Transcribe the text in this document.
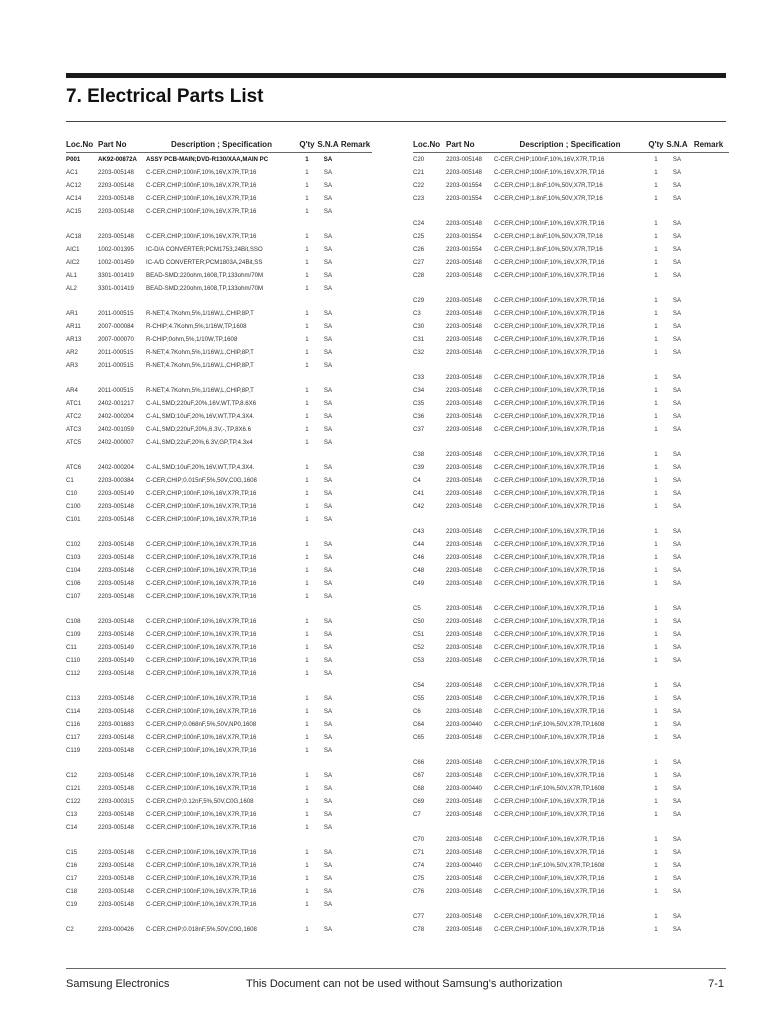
7. Electrical Parts List
Loc.No	Part No	Description ; Specification	Q'ty	S.N.A	Remark
P001	AK92-00872A	ASSY PCB-MAIN;DVD-R130/XAA,MAIN PC	1	SA	
AC1	2203-005148	C-CER,CHIP;100nF,10%,16V,X7R,TP,16	1	SA	
AC12	2203-005148	C-CER,CHIP;100nF,10%,16V,X7R,TP,16	1	SA	
AC14	2203-005148	C-CER,CHIP;100nF,10%,16V,X7R,TP,16	1	SA	
AC15	2203-005148	C-CER,CHIP;100nF,10%,16V,X7R,TP,16	1	SA	

AC18	2203-005148	C-CER,CHIP;100nF,10%,16V,X7R,TP,16	1	SA	
AIC1	1002-001395	IC-D/A CONVERTER;PCM1753,24Bit,SSO	1	SA	
AIC2	1002-001459	IC-A/D CONVERTER;PCM1803A,24Bit,SS	1	SA	
AL1	3301-001419	BEAD-SMD;220ohm,1608,TP,133ohm/70M	1	SA	
AL2	3301-001419	BEAD-SMD;220ohm,1608,TP,133ohm/70M	1	SA	

AR1	2011-000515	R-NET;4.7Kohm,5%,1/16W,L,CHIP,8P,T	1	SA	
AR11	2007-000084	R-CHIP;4.7Kohm,5%,1/16W,TP,1608	1	SA	
AR13	2007-000070	R-CHIP;0ohm,5%,1/10W,TP,1608	1	SA	
AR2	2011-000515	R-NET;4.7Kohm,5%,1/16W,L,CHIP,8P,T	1	SA	
AR3	2011-000515	R-NET;4.7Kohm,5%,1/16W,L,CHIP,8P,T	1	SA	

AR4	2011-000515	R-NET;4.7Kohm,5%,1/16W,L,CHIP,8P,T	1	SA	
ATC1	2402-001217	C-AL,SMD;220uF,20%,16V,WT,TP,8.6X6	1	SA	
ATC2	2402-000204	C-AL,SMD;10uF,20%,16V,WT,TP,4.3X4.	1	SA	
ATC3	2402-001059	C-AL,SMD;220uF,20%,6.3V,-,TP,8X6.6	1	SA	
ATC5	2402-000007	C-AL,SMD;22uF,20%,6.3V,GP,TP,4.3x4	1	SA	

ATC6	2402-000204	C-AL,SMD;10uF,20%,16V,WT,TP,4.3X4.	1	SA	
C1	2203-000384	C-CER,CHIP;0.015nF,5%,50V,C0G,1608	1	SA	
C10	2203-005149	C-CER,CHIP;100nF,10%,16V,X7R,TP,16	1	SA	
C100	2203-005148	C-CER,CHIP;100nF,10%,16V,X7R,TP,16	1	SA	
C101	2203-005148	C-CER,CHIP;100nF,10%,16V,X7R,TP,16	1	SA	

C102	2203-005148	C-CER,CHIP;100nF,10%,16V,X7R,TP,16	1	SA	
C103	2203-005148	C-CER,CHIP;100nF,10%,16V,X7R,TP,16	1	SA	
C104	2203-005148	C-CER,CHIP;100nF,10%,16V,X7R,TP,16	1	SA	
C106	2203-005148	C-CER,CHIP;100nF,10%,16V,X7R,TP,16	1	SA	
C107	2203-005148	C-CER,CHIP;100nF,10%,16V,X7R,TP,16	1	SA	

C108	2203-005148	C-CER,CHIP;100nF,10%,16V,X7R,TP,16	1	SA	
C109	2203-005148	C-CER,CHIP;100nF,10%,16V,X7R,TP,16	1	SA	
C11	2203-005149	C-CER,CHIP;100nF,10%,16V,X7R,TP,16	1	SA	
C110	2203-005149	C-CER,CHIP;100nF,10%,16V,X7R,TP,16	1	SA	
C112	2203-005148	C-CER,CHIP;100nF,10%,16V,X7R,TP,16	1	SA	

C113	2203-005148	C-CER,CHIP;100nF,10%,16V,X7R,TP,16	1	SA	
C114	2203-005148	C-CER,CHIP;100nF,10%,16V,X7R,TP,16	1	SA	
C116	2203-001683	C-CER,CHIP;0.068nF,5%,50V,NP0,1608	1	SA	
C117	2203-005148	C-CER,CHIP;100nF,10%,16V,X7R,TP,16	1	SA	
C119	2203-005148	C-CER,CHIP;100nF,10%,16V,X7R,TP,16	1	SA	

C12	2203-005148	C-CER,CHIP;100nF,10%,16V,X7R,TP,16	1	SA	
C121	2203-005148	C-CER,CHIP;100nF,10%,16V,X7R,TP,16	1	SA	
C122	2203-000315	C-CER,CHIP;0.12nF,5%,50V,C0G,1608	1	SA	
C13	2203-005148	C-CER,CHIP;100nF,10%,16V,X7R,TP,16	1	SA	
C14	2203-005148	C-CER,CHIP;100nF,10%,16V,X7R,TP,16	1	SA	

C15	2203-005148	C-CER,CHIP;100nF,10%,16V,X7R,TP,16	1	SA	
C16	2203-005148	C-CER,CHIP;100nF,10%,16V,X7R,TP,16	1	SA	
C17	2203-005148	C-CER,CHIP;100nF,10%,16V,X7R,TP,16	1	SA	
C18	2203-005148	C-CER,CHIP;100nF,10%,16V,X7R,TP,16	1	SA	
C19	2203-005148	C-CER,CHIP;100nF,10%,16V,X7R,TP,16	1	SA	

C2	2203-000426	C-CER,CHIP;0.018nF,5%,50V,C0G,1608	1	SA	
Loc.No	Part No	Description ; Specification	Q'ty	S.N.A	Remark
C20	2203-005148	C-CER,CHIP;100nF,10%,16V,X7R,TP,16	1	SA	
C21	2203-005148	C-CER,CHIP;100nF,10%,16V,X7R,TP,16	1	SA	
C22	2203-001554	C-CER,CHIP;1.8nF,10%,50V,X7R,TP,16	1	SA	
C23	2203-001554	C-CER,CHIP;1.8nF,10%,50V,X7R,TP,16	1	SA	

C24	2203-005148	C-CER,CHIP;100nF,10%,16V,X7R,TP,16	1	SA	
C25	2203-001554	C-CER,CHIP;1.8nF,10%,50V,X7R,TP,16	1	SA	
C26	2203-001554	C-CER,CHIP;1.8nF,10%,50V,X7R,TP,16	1	SA	
C27	2203-005148	C-CER,CHIP;100nF,10%,16V,X7R,TP,16	1	SA	
C28	2203-005148	C-CER,CHIP;100nF,10%,16V,X7R,TP,16	1	SA	

C29	2203-005148	C-CER,CHIP;100nF,10%,16V,X7R,TP,16	1	SA	
C3	2203-005148	C-CER,CHIP;100nF,10%,16V,X7R,TP,16	1	SA	
C30	2203-005148	C-CER,CHIP;100nF,10%,16V,X7R,TP,16	1	SA	
C31	2203-005148	C-CER,CHIP;100nF,10%,16V,X7R,TP,16	1	SA	
C32	2203-005148	C-CER,CHIP;100nF,10%,16V,X7R,TP,16	1	SA	

C33	2203-005148	C-CER,CHIP;100nF,10%,16V,X7R,TP,16	1	SA	
C34	2203-005148	C-CER,CHIP;100nF,10%,16V,X7R,TP,16	1	SA	
C35	2203-005148	C-CER,CHIP;100nF,10%,16V,X7R,TP,16	1	SA	
C36	2203-005148	C-CER,CHIP;100nF,10%,16V,X7R,TP,16	1	SA	
C37	2203-005148	C-CER,CHIP;100nF,10%,16V,X7R,TP,16	1	SA	

C38	2203-005148	C-CER,CHIP;100nF,10%,16V,X7R,TP,16	1	SA	
C39	2203-005148	C-CER,CHIP;100nF,10%,16V,X7R,TP,16	1	SA	
C4	2203-005148	C-CER,CHIP;100nF,10%,16V,X7R,TP,16	1	SA	
C41	2203-005148	C-CER,CHIP;100nF,10%,16V,X7R,TP,16	1	SA	
C42	2203-005148	C-CER,CHIP;100nF,10%,16V,X7R,TP,16	1	SA	

C43	2203-005148	C-CER,CHIP;100nF,10%,16V,X7R,TP,16	1	SA	
C44	2203-005148	C-CER,CHIP;100nF,10%,16V,X7R,TP,16	1	SA	
C46	2203-005148	C-CER,CHIP;100nF,10%,16V,X7R,TP,16	1	SA	
C48	2203-005148	C-CER,CHIP;100nF,10%,16V,X7R,TP,16	1	SA	
C49	2203-005148	C-CER,CHIP;100nF,10%,16V,X7R,TP,16	1	SA	

C5	2203-005148	C-CER,CHIP;100nF,10%,16V,X7R,TP,16	1	SA	
C50	2203-005148	C-CER,CHIP;100nF,10%,16V,X7R,TP,16	1	SA	
C51	2203-005148	C-CER,CHIP;100nF,10%,16V,X7R,TP,16	1	SA	
C52	2203-005148	C-CER,CHIP;100nF,10%,16V,X7R,TP,16	1	SA	
C53	2203-005148	C-CER,CHIP;100nF,10%,16V,X7R,TP,16	1	SA	

C54	2203-005148	C-CER,CHIP;100nF,10%,16V,X7R,TP,16	1	SA	
C55	2203-005148	C-CER,CHIP;100nF,10%,16V,X7R,TP,16	1	SA	
C6	2203-005148	C-CER,CHIP;100nF,10%,16V,X7R,TP,16	1	SA	
C64	2203-000440	C-CER,CHIP;1nF,10%,50V,X7R,TP,1608	1	SA	
C65	2203-005148	C-CER,CHIP;100nF,10%,16V,X7R,TP,16	1	SA	

C66	2203-005148	C-CER,CHIP;100nF,10%,16V,X7R,TP,16	1	SA	
C67	2203-005148	C-CER,CHIP;100nF,10%,16V,X7R,TP,16	1	SA	
C68	2203-000440	C-CER,CHIP;1nF,10%,50V,X7R,TP,1608	1	SA	
C69	2203-005148	C-CER,CHIP;100nF,10%,16V,X7R,TP,16	1	SA	
C7	2203-005148	C-CER,CHIP;100nF,10%,16V,X7R,TP,16	1	SA	

C70	2203-005148	C-CER,CHIP;100nF,10%,16V,X7R,TP,16	1	SA	
C71	2203-005148	C-CER,CHIP;100nF,10%,16V,X7R,TP,16	1	SA	
C74	2203-000440	C-CER,CHIP;1nF,10%,50V,X7R,TP,1608	1	SA	
C75	2203-005148	C-CER,CHIP;100nF,10%,16V,X7R,TP,16	1	SA	
C76	2203-005148	C-CER,CHIP;100nF,10%,16V,X7R,TP,16	1	SA	

C77	2203-005148	C-CER,CHIP;100nF,10%,16V,X7R,TP,16	1	SA	
C78	2203-005148	C-CER,CHIP;100nF,10%,16V,X7R,TP,16	1	SA	
Samsung Electronics	This Document can not be used without Samsung's authorization	7-1
